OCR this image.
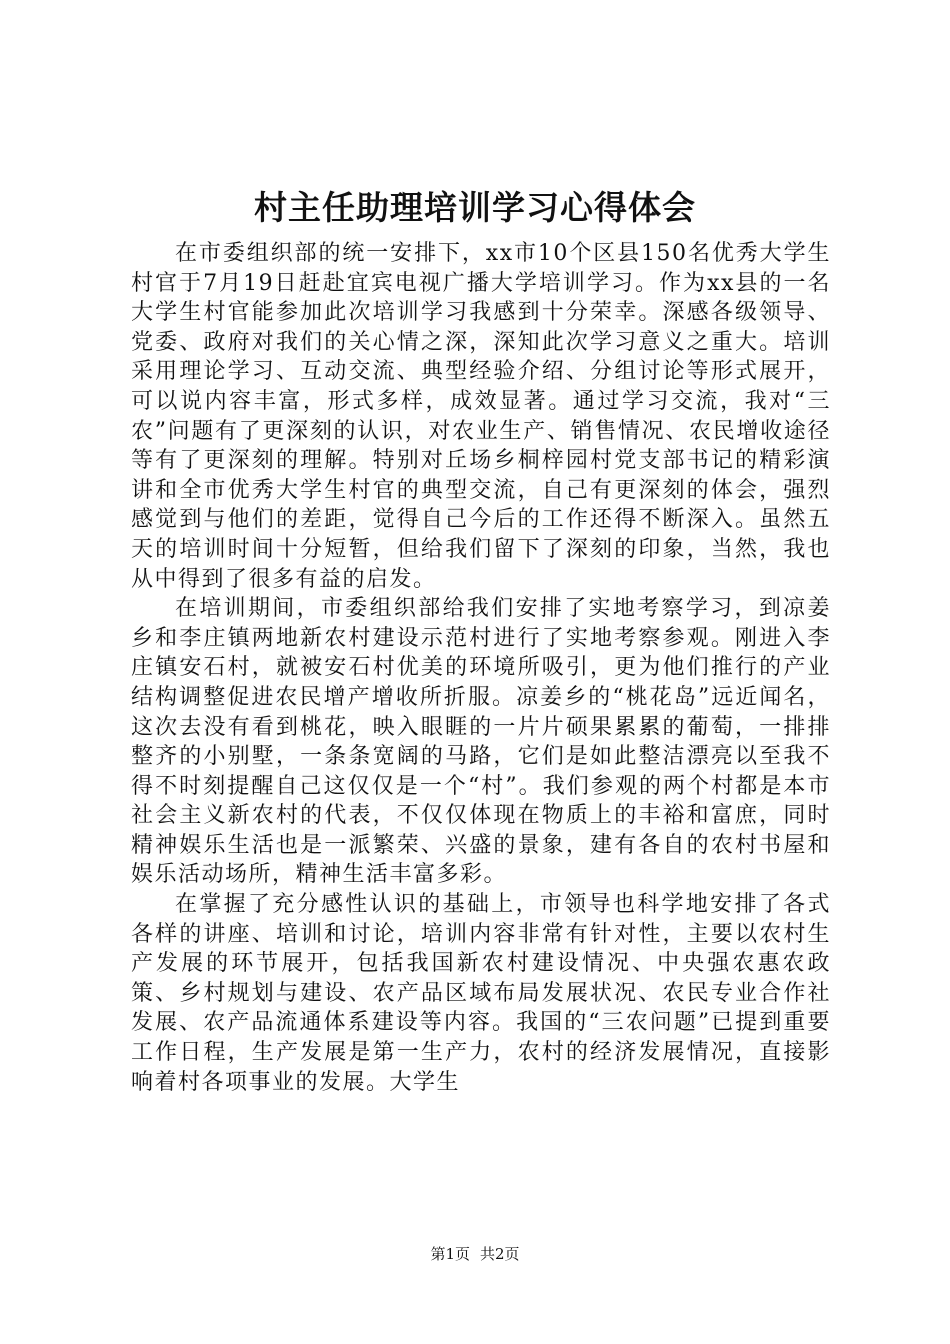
村主任助理培训学习心得体会

在市委组织部的统一安排下，xx市10个区县150名优秀大学生村官于7月19日赶赴宜宾电视广播大学培训学习。作为xx县的一名大学生村官能参加此次培训学习我感到十分荣幸。深感各级领导、党委、政府对我们的关心情之深，深知此次学习意义之重大。培训采用理论学习、互动交流、典型经验介绍、分组讨论等形式展开，可以说内容丰富，形式多样，成效显著。通过学习交流，我对“三农”问题有了更深刻的认识，对农业生产、销售情况、农民增收途径等有了更深刻的理解。特别对丘场乡桐梓园村党支部书记的精彩演讲和全市优秀大学生村官的典型交流，自己有更深刻的体会，强烈感觉到与他们的差距，觉得自己今后的工作还得不断深入。虽然五天的培训时间十分短暂，但给我们留下了深刻的印象，当然，我也从中得到了很多有益的启发。

在培训期间，市委组织部给我们安排了实地考察学习，到凉姜乡和李庄镇两地新农村建设示范村进行了实地考察参观。刚进入李庄镇安石村，就被安石村优美的环境所吸引，更为他们推行的产业结构调整促进农民增产增收所折服。凉姜乡的“桃花岛”远近闻名，这次去没有看到桃花，映入眼睚的一片片硕果累累的葡萄，一排排整齐的小别墅，一条条宽阔的马路，它们是如此整洁漂亮以至我不得不时刻提醒自己这仅仅是一个“村”。我们参观的两个村都是本市社会主义新农村的代表，不仅仅体现在物质上的丰裕和富庶，同时精神娱乐生活也是一派繁荣、兴盛的景象，建有各自的农村书屋和娱乐活动场所，精神生活丰富多彩。

在掌握了充分感性认识的基础上，市领导也科学地安排了各式各样的讲座、培训和讨论，培训内容非常有针对性，主要以农村生产发展的环节展开，包括我国新农村建设情况、中央强农惠农政策、乡村规划与建设、农产品区域布局发展状况、农民专业合作社发展、农产品流通体系建设等内容。我国的“三农问题”已提到重要工作日程，生产发展是第一生产力，农村的经济发展情况，直接影响着村各项事业的发展。大学生

第1页 共2页
